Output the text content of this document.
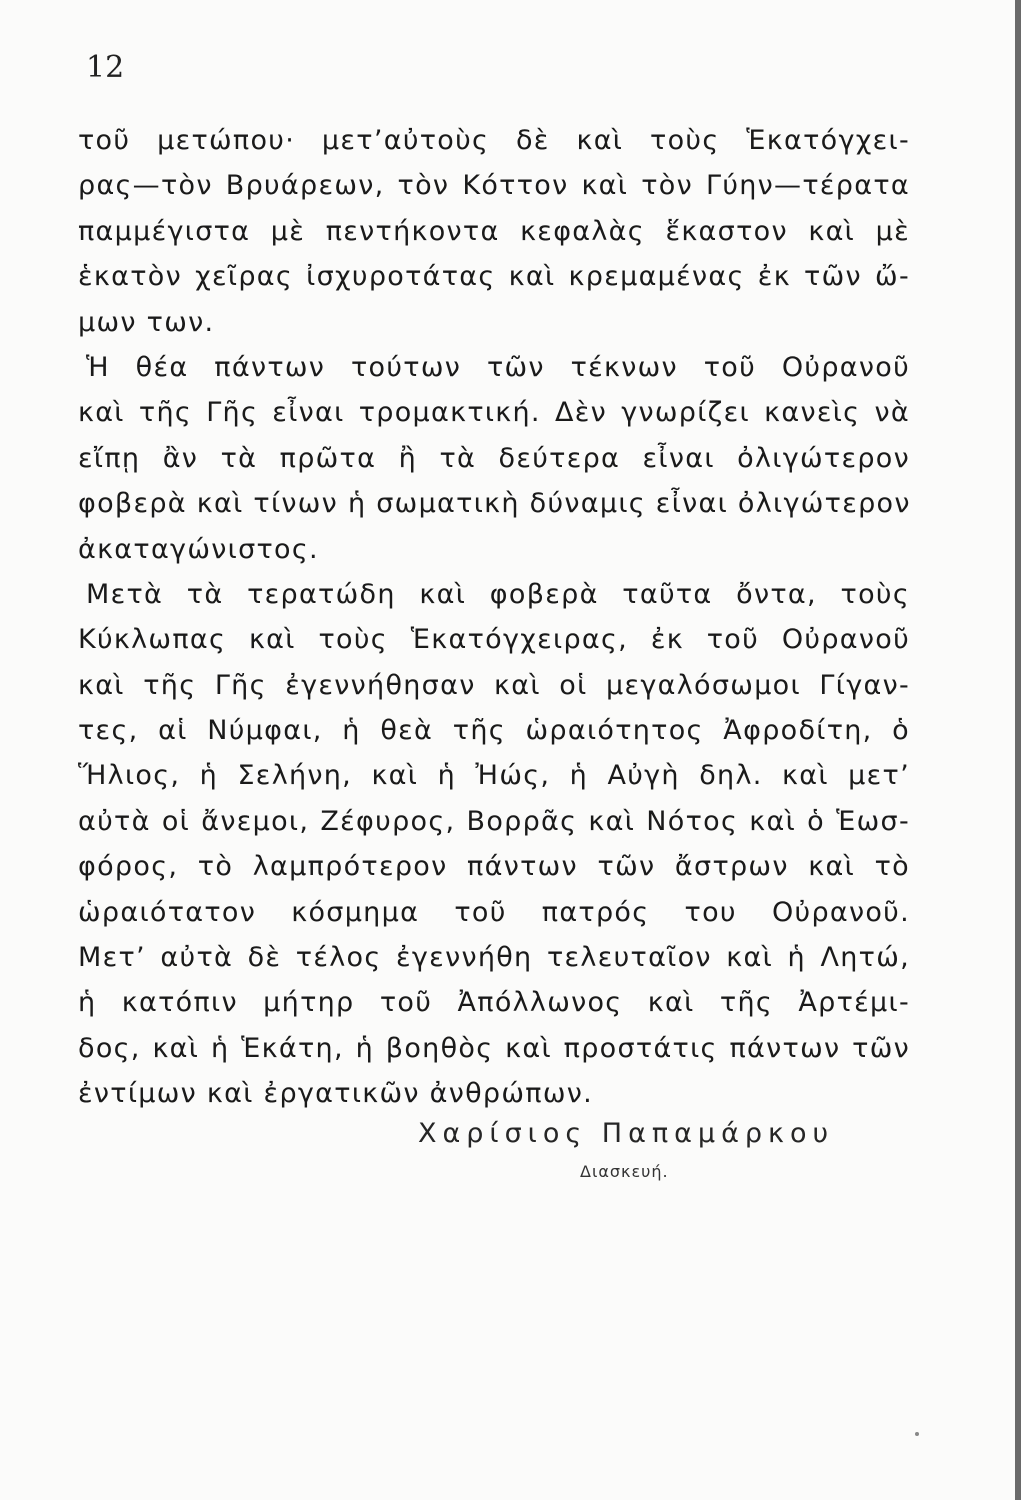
12
τοῦ μετώπου· μετ’αὐτοὺς δὲ καὶ τοὺς Ἑκατόγχει-
ρας—τὸν Βρυάρεων, τὸν Κόττον καὶ τὸν Γύην—τέρατα
παμμέγιστα μὲ πεντήκοντα κεφαλὰς ἕκαστον καὶ μὲ
ἑκατὸν χεῖρας ἰσχυροτάτας καὶ κρεμαμένας ἐκ τῶν ὤ-
μων των.
Ἡ θέα πάντων τούτων τῶν τέκνων τοῦ Οὐρανοῦ
καὶ τῆς Γῆς εἶναι τρομακτική. Δὲν γνωρίζει κανεὶς νὰ
εἴπῃ ἂν τὰ πρῶτα ἢ τὰ δεύτερα εἶναι ὀλιγώτερον
φοβερὰ καὶ τίνων ἡ σωματικὴ δύναμις εἶναι ὀλιγώτερον
ἀκαταγώνιστος.
Μετὰ τὰ τερατώδη καὶ φοβερὰ ταῦτα ὄντα, τοὺς
Κύκλωπας καὶ τοὺς Ἑκατόγχειρας, ἐκ τοῦ Οὐρανοῦ
καὶ τῆς Γῆς ἐγεννήθησαν καὶ οἱ μεγαλόσωμοι Γίγαν-
τες, αἱ Νύμφαι, ἡ θεὰ τῆς ὡραιότητος Ἀφροδίτη, ὁ
Ἥλιος, ἡ Σελήνη, καὶ ἡ Ἠώς, ἡ Αὐγὴ δηλ. καὶ μετ’
αὐτὰ οἱ ἄνεμοι, Ζέφυρος, Βορρᾶς καὶ Νότος καὶ ὁ Ἑωσ-
φόρος, τὸ λαμπρότερον πάντων τῶν ἄστρων καὶ τὸ
ὡραιότατον κόσμημα τοῦ πατρός του Οὐρανοῦ.
Μετ’ αὐτὰ δὲ τέλος ἐγεννήθη τελευταῖον καὶ ἡ Λητώ,
ἡ κατόπιν μήτηρ τοῦ Ἀπόλλωνος καὶ τῆς Ἀρτέμι-
δος, καὶ ἡ Ἑκάτη, ἡ βοηθὸς καὶ προστάτις πάντων τῶν
ἐντίμων καὶ ἐργατικῶν ἀνθρώπων.
Χαρίσιος Παπαμάρκου
Διασκευή.
